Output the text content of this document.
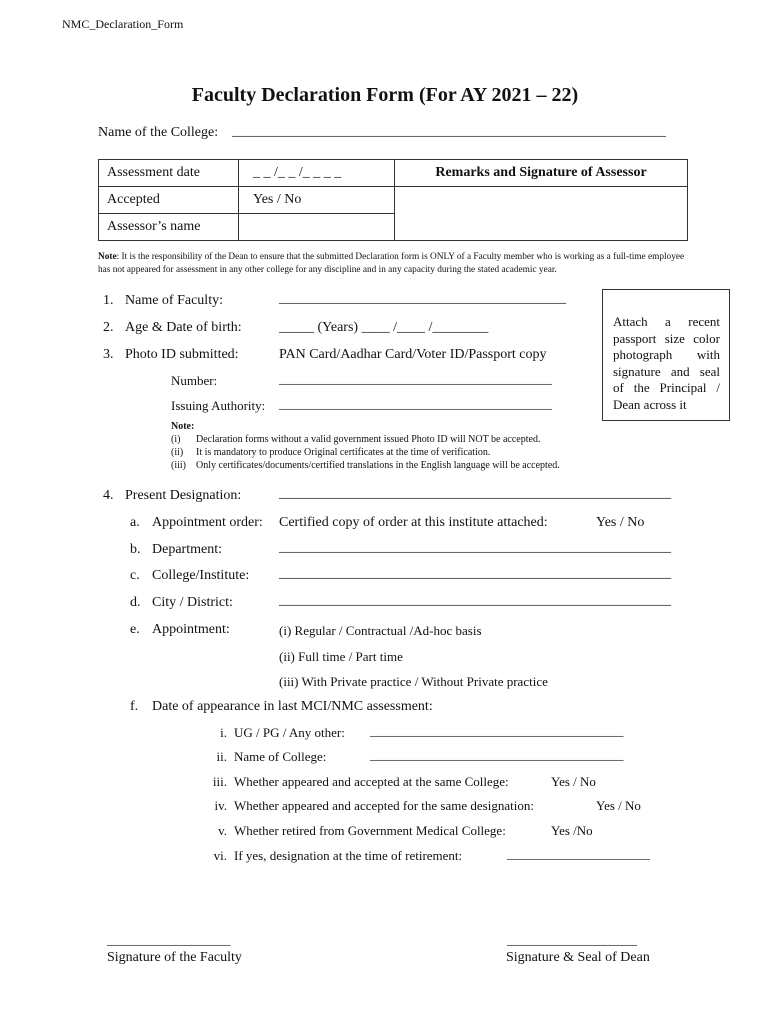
NMC_Declaration_Form
Faculty Declaration Form (For AY 2021 – 22)
Name of the College: ______________________________________________________________
Assessment date	_ _ /_ _ /_ _ _ _	Remarks and Signature of Assessor
Accepted	Yes / No	
Assessor’s name		
Note: It is the responsibility of the Dean to ensure that the submitted Declaration form is ONLY of a Faculty member who is working as a full-time employee has not appeared for assessment in any other college for any discipline and in any capacity during the stated academic year.
1. Name of Faculty:	_________________________________________
2. Age & Date of birth:	_____ (Years) ____ /____ /________
3. Photo ID submitted:	PAN Card/Aadhar Card/Voter ID/Passport copy
Number:	__________________________________________
Issuing Authority: __________________________________________
Attach a recent passport size color photograph with signature and seal of the Principal / Dean across it
Note:
(i) Declaration forms without a valid government issued Photo ID will NOT be accepted.
(ii) It is mandatory to produce Original certificates at the time of verification.
(iii) Only certificates/documents/certified translations in the English language will be accepted.
4. Present Designation:	________________________________________________________
a. Appointment order: Certified copy of order at this institute attached:	Yes / No
b. Department:	________________________________________________________
c. College/Institute: ________________________________________________________
d. City / District:	________________________________________________________
e. Appointment:	(i) Regular / Contractual /Ad-hoc basis
(ii) Full time / Part time
(iii) With Private practice / Without Private practice
f. Date of appearance in last MCI/NMC assessment:
i. UG / PG / Any other: _______________________________________
ii. Name of College:	_______________________________________
iii. Whether appeared and accepted at the same College:	Yes / No
iv. Whether appeared and accepted for the same designation:	Yes / No
v. Whether retired from Government Medical College:	Yes /No
vi. If yes, designation at the time of retirement:	______________________
___________________
Signature of the Faculty
____________________
Signature & Seal of Dean
